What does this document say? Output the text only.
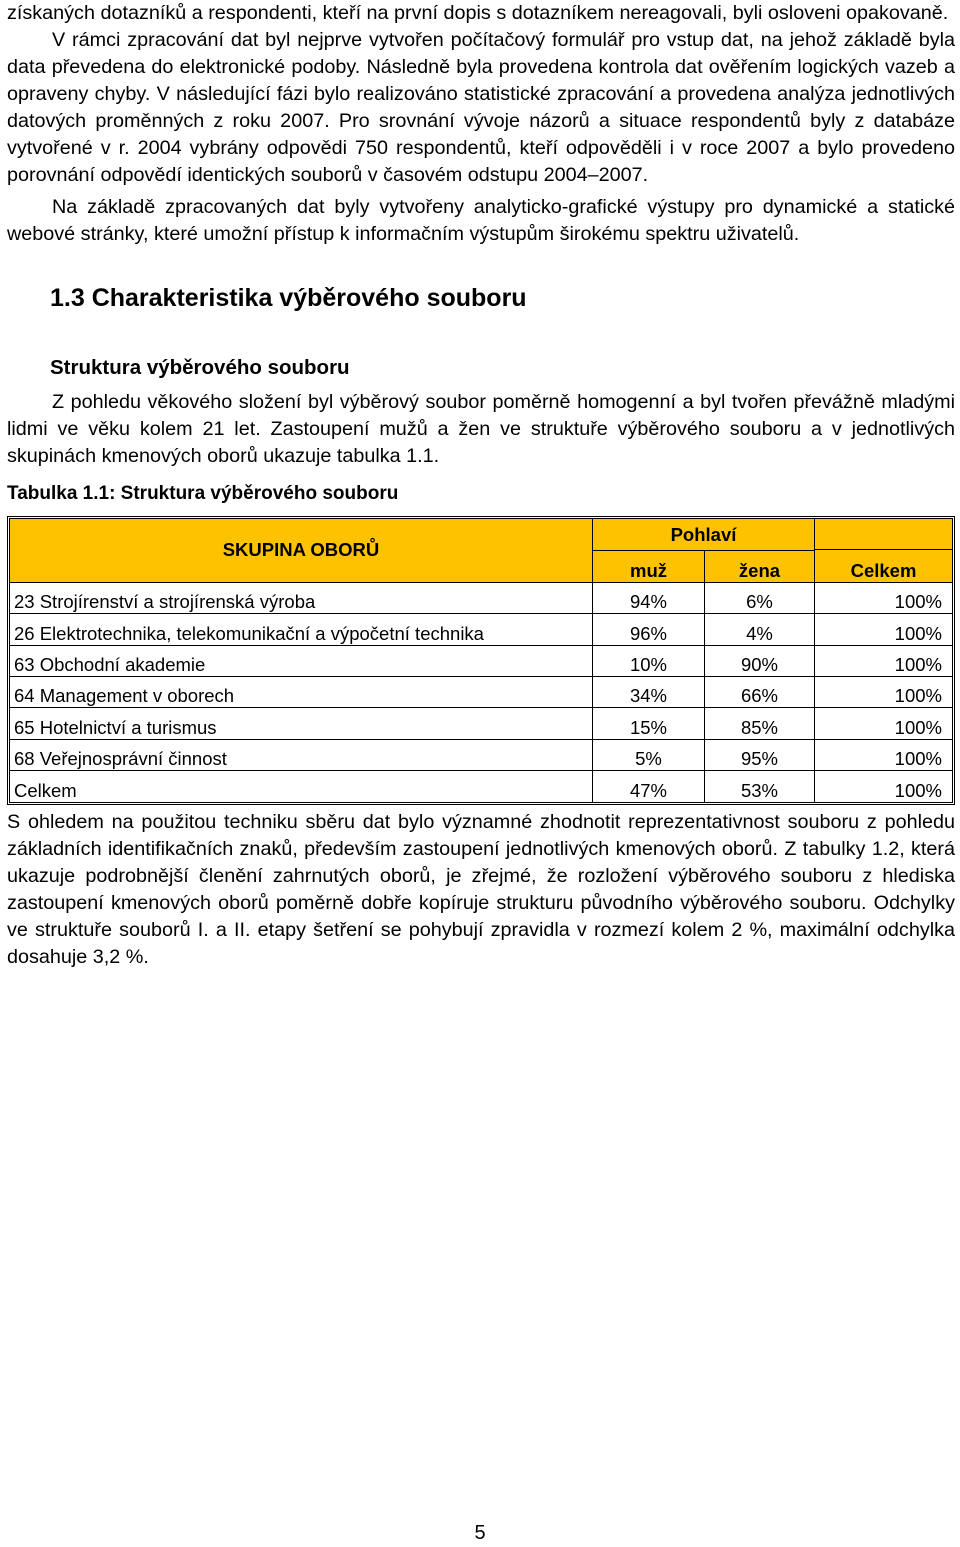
získaných dotazníků a respondenti, kteří na první dopis s dotazníkem nereagovali, byli osloveni opakovaně.

V rámci zpracování dat byl nejprve vytvořen počítačový formulář pro vstup dat, na jehož základě byla data převedena do elektronické podoby. Následně byla provedena kontrola dat ověřením logických vazeb a opraveny chyby. V následující fázi bylo realizováno statistické zpracování a provedena analýza jednotlivých datových proměnných z roku 2007. Pro srovnání vývoje názorů a situace respondentů byly z databáze vytvořené v r. 2004 vybrány odpovědi 750 respondentů, kteří odpověděli i v roce 2007 a bylo provedeno porovnání odpovědí identických souborů v časovém odstupu 2004–2007.

Na základě zpracovaných dat byly vytvořeny analyticko-grafické výstupy pro dynamické a statické webové stránky, které umožní přístup k informačním výstupům širokému spektru uživatelů.

1.3 Charakteristika výběrového souboru
Struktura výběrového souboru

Z pohledu věkového složení byl výběrový soubor poměrně homogenní a byl tvořen převážně mladými lidmi ve věku kolem 21 let. Zastoupení mužů a žen ve struktuře výběrového souboru a v jednotlivých skupinách kmenových oborů ukazuje tabulka 1.1.

Tabulka 1.1: Struktura výběrového souboru
SKUPINA OBORŮ	Pohlaví		
	muž	žena	Celkem
23 Strojírenství a strojírenská výroba	94%	6%	100%
26 Elektrotechnika, telekomunikační a výpočetní technika	96%	4%	100%
63 Obchodní akademie	10%	90%	100%
64 Management v oborech	34%	66%	100%
65 Hotelnictví a turismus	15%	85%	100%
68 Veřejnosprávní činnost	5%	95%	100%
Celkem	47%	53%	100%

S ohledem na použitou techniku sběru dat bylo významné zhodnotit reprezentativnost souboru z pohledu základních identifikačních znaků, především zastoupení jednotlivých kmenových oborů. Z tabulky 1.2, která ukazuje podrobnější členění zahrnutých oborů, je zřejmé, že rozložení výběrového souboru z hlediska zastoupení kmenových oborů poměrně dobře kopíruje strukturu původního výběrového souboru. Odchylky ve struktuře souborů I. a II. etapy šetření se pohybují zpravidla v rozmezí kolem 2 %, maximální odchylka dosahuje 3,2 %.

5
